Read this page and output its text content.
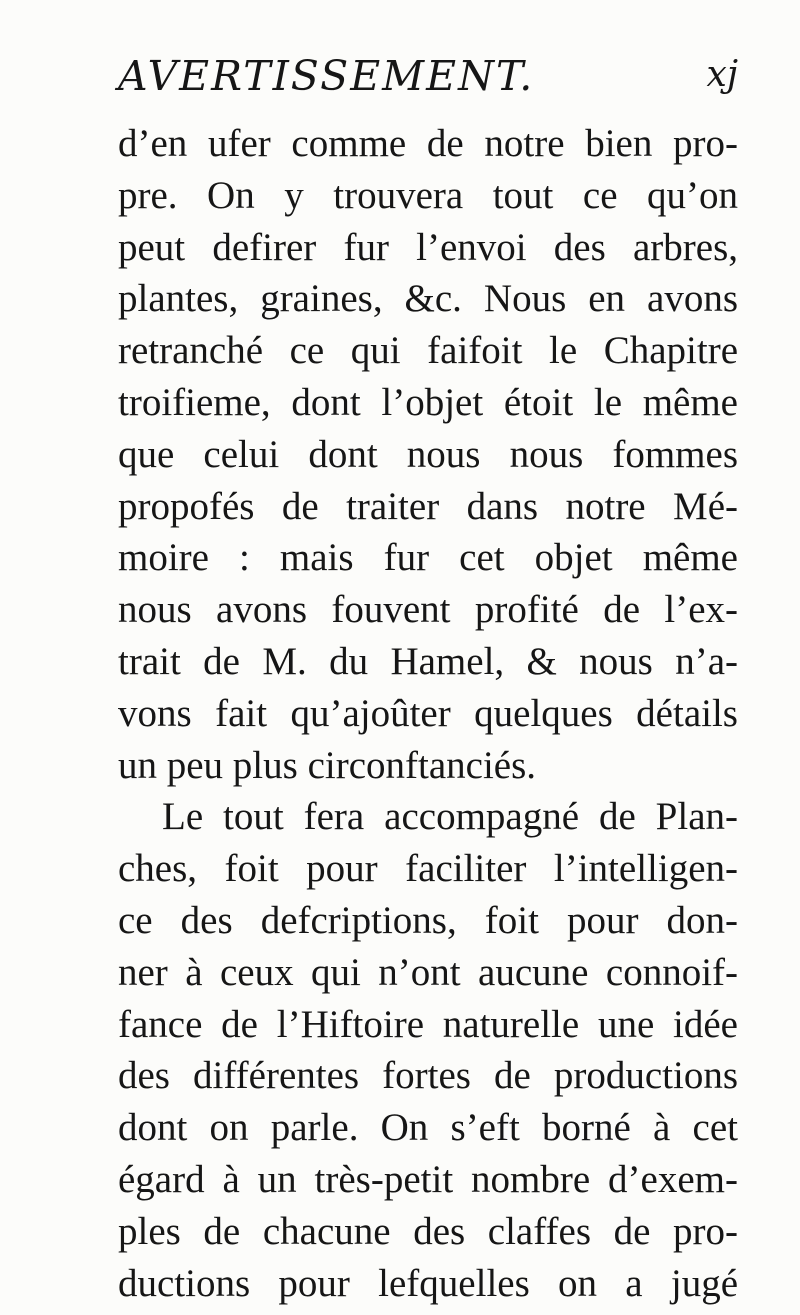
AVERTISSEMENT.	xj
d’en ufer comme de notre bien pro-
pre. On y trouvera tout ce qu’on
peut defirer fur l’envoi des arbres,
plantes, graines, &c. Nous en avons
retranché ce qui faifoit le Chapitre
troifieme, dont l’objet étoit le même
que celui dont nous nous fommes
propofés de traiter dans notre Mé-
moire : mais fur cet objet même
nous avons fouvent profité de l’ex-
trait de M. du Hamel, & nous n’a-
vons fait qu’ajoûter quelques détails
un peu plus circonftanciés.
Le tout fera accompagné de Plan-
ches, foit pour faciliter l’intelligen-
ce des defcriptions, foit pour don-
ner à ceux qui n’ont aucune connoif-
fance de l’Hiftoire naturelle une idée
des différentes fortes de productions
dont on parle. On s’eft borné à cet
égard à un très-petit nombre d’exem-
ples de chacune des claffes de pro-
ductions pour lefquelles on a jugé
